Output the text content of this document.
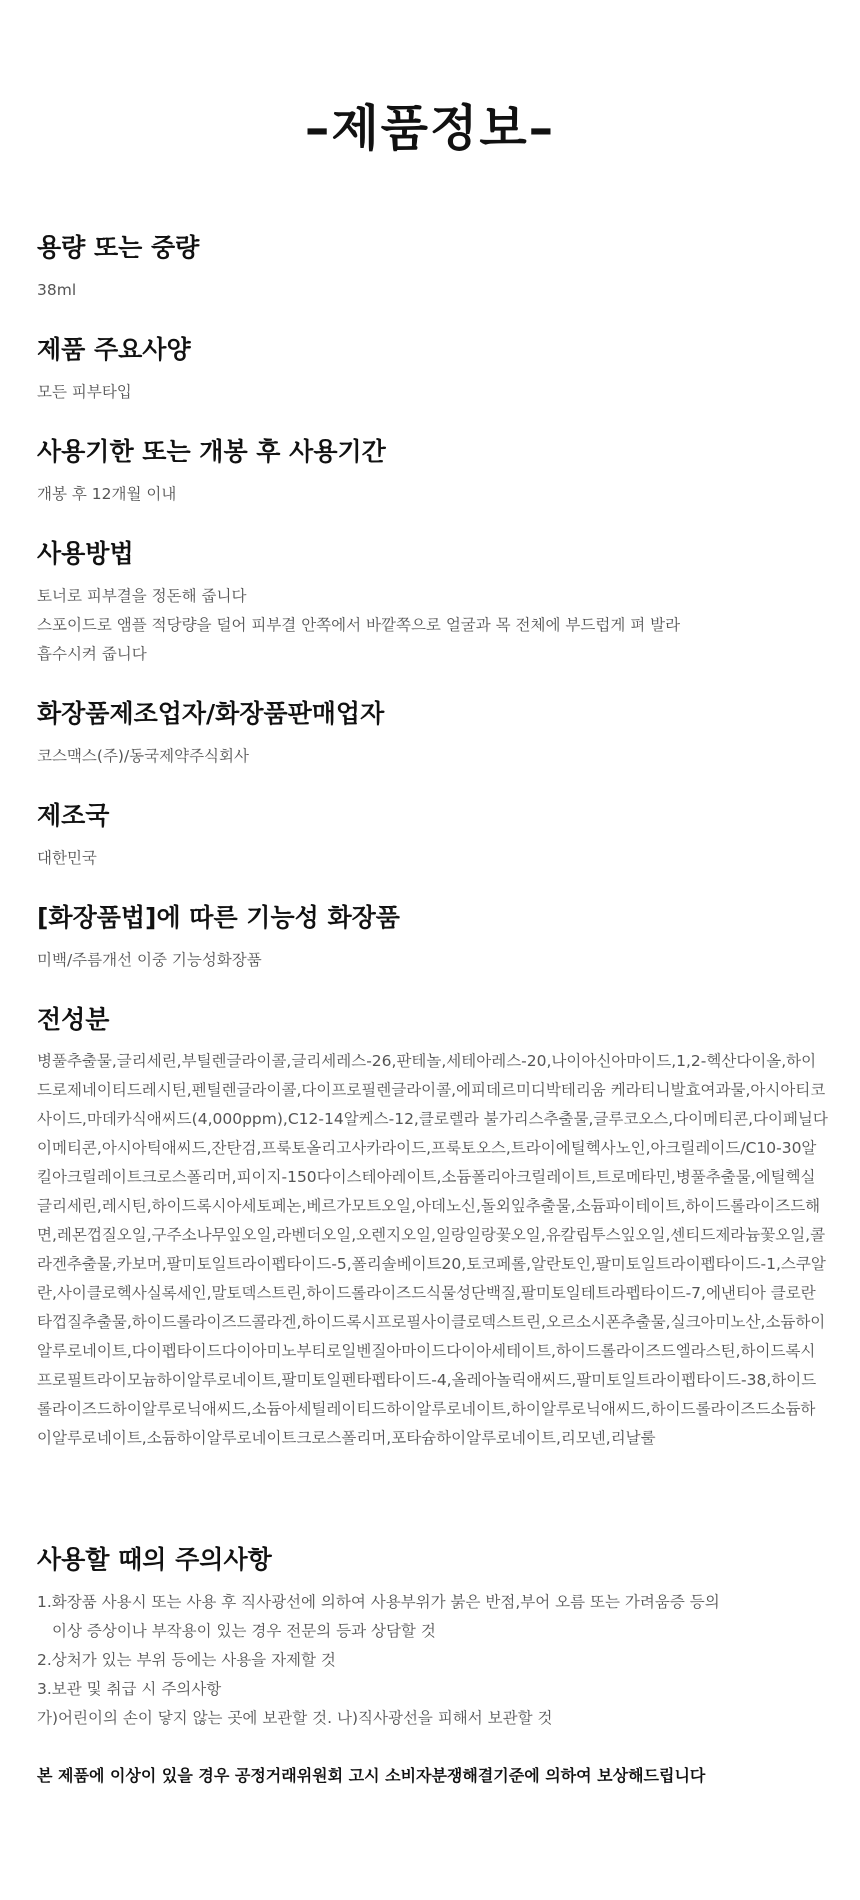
–제품정보–
용량 또는 중량
38ml
제품 주요사양
모든 피부타입
사용기한 또는 개봉 후 사용기간
개봉 후 12개월 이내
사용방법
토너로 피부결을 정돈해 줍니다
스포이드로 앰플 적당량을 덜어 피부결 안쪽에서 바깥쪽으로 얼굴과 목 전체에 부드럽게 펴 발라
흡수시켜 줍니다
화장품제조업자/화장품판매업자
코스맥스(주)/동국제약주식회사
제조국
대한민국
[화장품법]에 따른 기능성 화장품
미백/주름개선 이중 기능성화장품
전성분
병풀추출물,글리세린,부틸렌글라이콜,글리세레스-26,판테놀,세테아레스-20,나이아신아마이드,1,2-헥산다이올,하이드로제네이티드레시틴,펜틸렌글라이콜,다이프로필렌글라이콜,에피데르미디박테리움 케라티니발효여과물,아시아티코사이드,마데카식애씨드(4,000ppm),C12-14알케스-12,클로렐라 불가리스추출물,글루코오스,다이메티콘,다이페닐다이메티콘,아시아틱애씨드,잔탄검,프룩토올리고사카라이드,프룩토오스,트라이에틸헥사노인,아크릴레이드/C10-30알킬아크릴레이트크로스폴리머,피이지-150다이스테아레이트,소듐폴리아크릴레이트,트로메타민,병풀추출물,에틸헥실글리세린,레시틴,하이드록시아세토페논,베르가모트오일,아데노신,돌외잎추출물,소듐파이테이트,하이드롤라이즈드해면,레몬껍질오일,구주소나무잎오일,라벤더오일,오렌지오일,일랑일랑꽃오일,유칼립투스잎오일,센티드제라늄꽃오일,콜라겐추출물,카보머,팔미토일트라이펩타이드-5,폴리솔베이트20,토코페롤,알란토인,팔미토일트라이펩타이드-1,스쿠알란,사이클로헥사실록세인,말토덱스트린,하이드롤라이즈드식물성단백질,팔미토일테트라펩타이드-7,에낸티아 클로란타껍질추출물,하이드롤라이즈드콜라겐,하이드록시프로필사이클로덱스트린,오르소시폰추출물,실크아미노산,소듐하이알루로네이트,다이펩타이드다이아미노부티로일벤질아마이드다이아세테이트,하이드롤라이즈드엘라스틴,하이드록시프로필트라이모늄하이알루로네이트,팔미토일펜타펩타이드-4,올레아놀릭애씨드,팔미토일트라이펩타이드-38,하이드롤라이즈드하이알루로닉애씨드,소듐아세틸레이티드하이알루로네이트,하이알루로닉애씨드,하이드롤라이즈드소듐하이알루로네이트,소듐하이알루로네이트크로스폴리머,포타슘하이알루로네이트,리모넨,리날룰
사용할 때의 주의사항
1.화장품 사용시 또는 사용 후 직사광선에 의하여 사용부위가 붉은 반점,부어 오름 또는 가려움증 등의
이상 증상이나 부작용이 있는 경우 전문의 등과 상담할 것
2.상처가 있는 부위 등에는 사용을 자제할 것
3.보관 및 취급 시 주의사항
가)어린이의 손이 닿지 않는 곳에 보관할 것. 나)직사광선을 피해서 보관할 것

본 제품에 이상이 있을 경우 공정거래위원회 고시 소비자분쟁해결기준에 의하여 보상해드립니다
